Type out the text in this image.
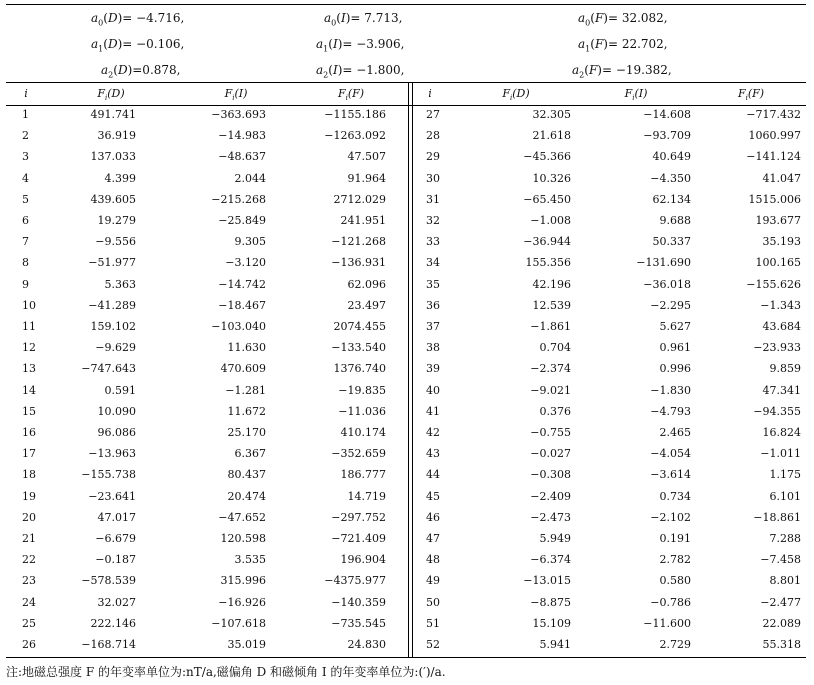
$a_0(D)= -4.716$,	$a_0(I)= 7.713$,	$a_0(F)= 32.082$,
$a_1(D)= -0.106$,	$a_1(I)= -3.906$,	$a_1(F)= 22.702$,
$a_2(D)=0.878$,	$a_2(I)= -1.800$,	$a_2(F)= -19.382$,
i	$F_i(D)$	$F_i(I)$	$F_i(F)$	i	$F_i(D)$	$F_i(I)$	$F_i(F)$
1	491.741	−363.693	−1155.186
2	36.919	−14.983	−1263.092
3	137.033	−48.637	47.507
4	4.399	2.044	91.964
5	439.605	−215.268	2712.029
6	19.279	−25.849	241.951
7	−9.556	9.305	−121.268
8	−51.977	−3.120	−136.931
9	5.363	−14.742	62.096
10	−41.289	−18.467	23.497
11	159.102	−103.040	2074.455
12	−9.629	11.630	−133.540
13	−747.643	470.609	1376.740
14	0.591	−1.281	−19.835
15	10.090	11.672	−11.036
16	96.086	25.170	410.174
17	−13.963	6.367	−352.659
18	−155.738	80.437	186.777
19	−23.641	20.474	14.719
20	47.017	−47.652	−297.752
21	−6.679	120.598	−721.409
22	−0.187	3.535	196.904
23	−578.539	315.996	−4375.977
24	32.027	−16.926	−140.359
25	222.146	−107.618	−735.545
26	−168.714	35.019	24.830
27	32.305	−14.608	−717.432
28	21.618	−93.709	1060.997
29	−45.366	40.649	−141.124
30	10.326	−4.350	41.047
31	−65.450	62.134	1515.006
32	−1.008	9.688	193.677
33	−36.944	50.337	35.193
34	155.356	−131.690	100.165
35	42.196	−36.018	−155.626
36	12.539	−2.295	−1.343
37	−1.861	5.627	43.684
38	0.704	0.961	−23.933
39	−2.374	0.996	9.859
40	−9.021	−1.830	47.341
41	0.376	−4.793	−94.355
42	−0.755	2.465	16.824
43	−0.027	−4.054	−1.011
44	−0.308	−3.614	1.175
45	−2.409	0.734	6.101
46	−2.473	−2.102	−18.861
47	5.949	0.191	7.288
48	−6.374	2.782	−7.458
49	−13.015	0.580	8.801
50	−8.875	−0.786	−2.477
51	15.109	−11.600	22.089
52	5.941	2.729	55.318
注:地磁总强度 F 的年变率单位为:nT/a,磁偏角 D 和磁倾角 I 的年变率单位为:(′)/a.
